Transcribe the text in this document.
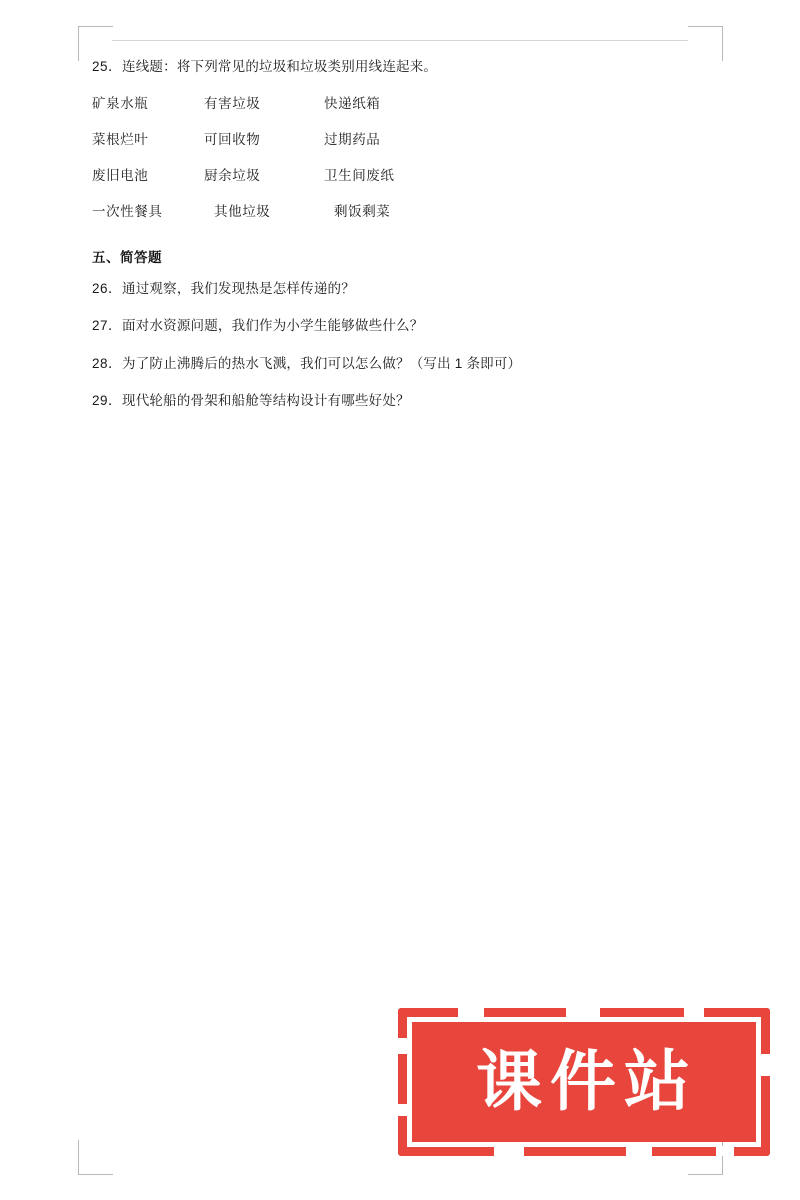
25．连线题：将下列常见的垃圾和垃圾类别用线连起来。

矿泉水瓶	有害垃圾	快递纸箱
菜根烂叶	可回收物	过期药品
废旧电池	厨余垃圾	卫生间废纸
一次性餐具	其他垃圾	剩饭剩菜
五、简答题

26．通过观察，我们发现热是怎样传递的？

27．面对水资源问题，我们作为小学生能够做些什么？

28．为了防止沸腾后的热水飞溅，我们可以怎么做？（写出 1 条即可）

29．现代轮船的骨架和船舱等结构设计有哪些好处？

课件站
